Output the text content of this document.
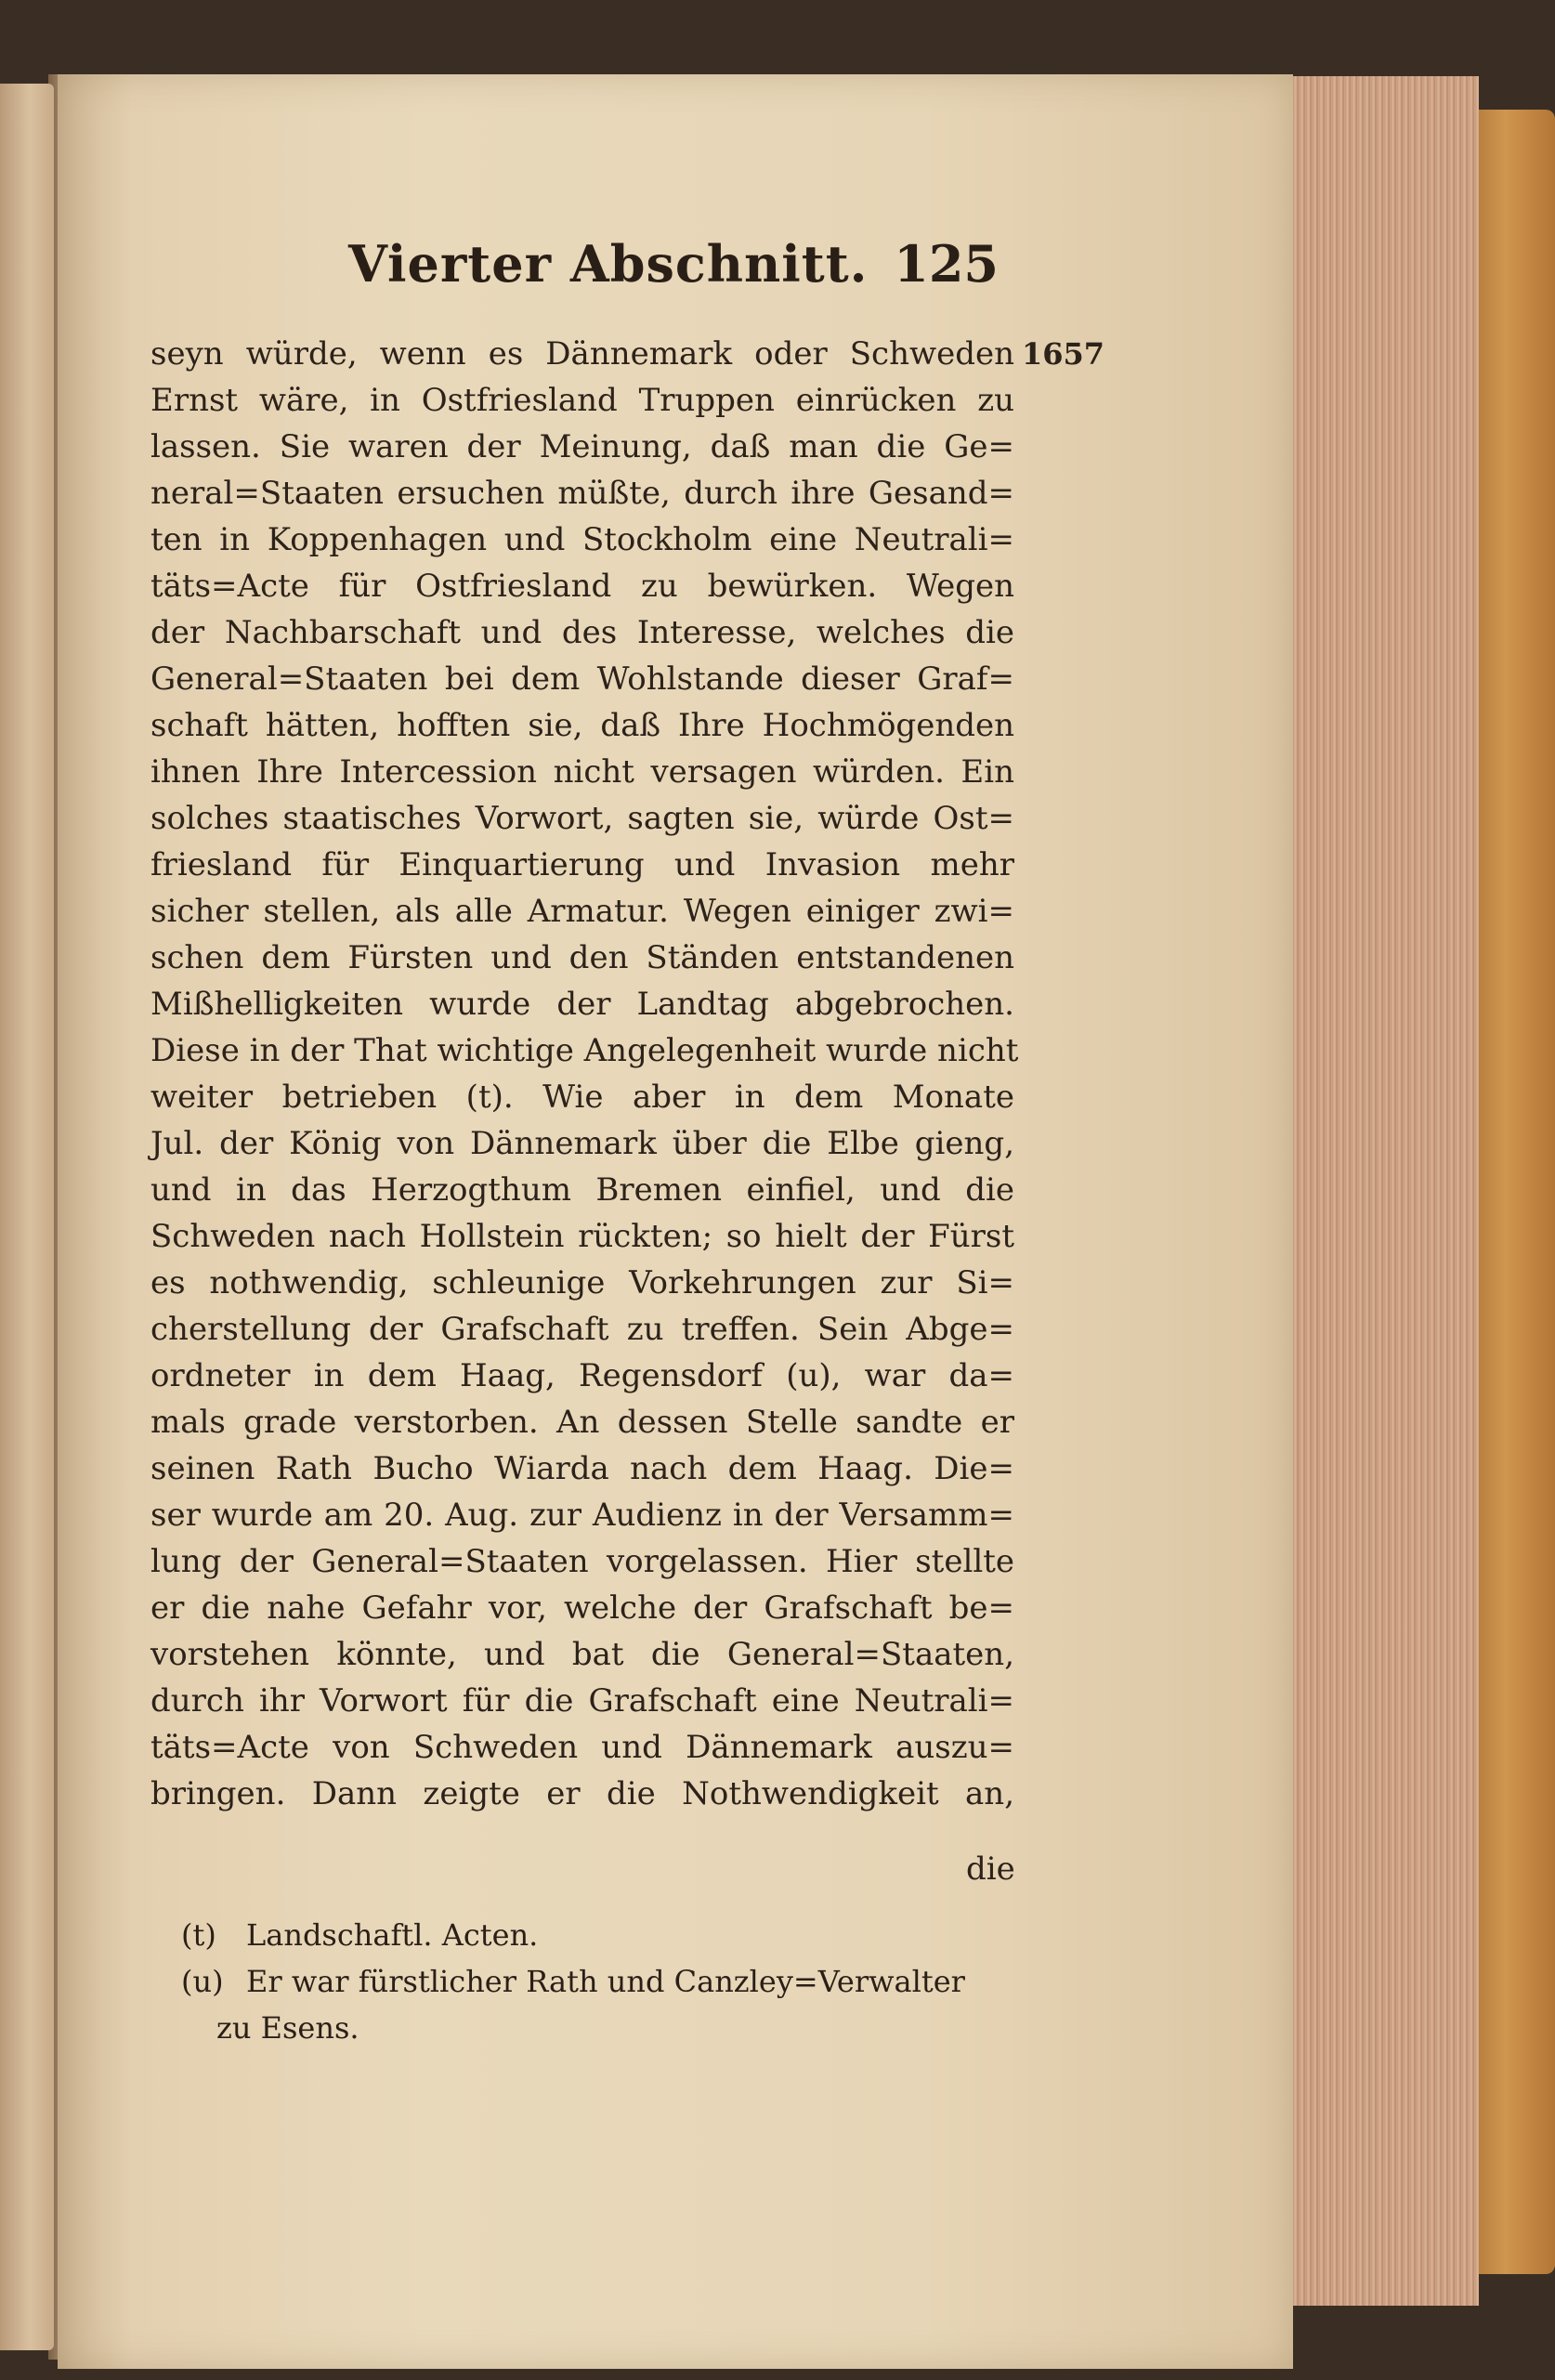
Vierter Abschnitt. 125
1657
seyn würde, wenn es Dännemark oder Schweden
Ernst wäre, in Ostfriesland Truppen einrücken zu
lassen. Sie waren der Meinung, daß man die Ge=
neral=Staaten ersuchen müßte, durch ihre Gesand=
ten in Koppenhagen und Stockholm eine Neutrali=
täts=Acte für Ostfriesland zu bewürken. Wegen
der Nachbarschaft und des Interesse, welches die
General=Staaten bei dem Wohlstande dieser Graf=
schaft hätten, hofften sie, daß Ihre Hochmögenden
ihnen Ihre Intercession nicht versagen würden. Ein
solches staatisches Vorwort, sagten sie, würde Ost=
friesland für Einquartierung und Invasion mehr
sicher stellen, als alle Armatur. Wegen einiger zwi=
schen dem Fürsten und den Ständen entstandenen
Mißhelligkeiten wurde der Landtag abgebrochen.
Diese in der That wichtige Angelegenheit wurde nicht
weiter betrieben (t). Wie aber in dem Monate
Jul. der König von Dännemark über die Elbe gieng,
und in das Herzogthum Bremen einfiel, und die
Schweden nach Hollstein rückten; so hielt der Fürst
es nothwendig, schleunige Vorkehrungen zur Si=
cherstellung der Grafschaft zu treffen. Sein Abge=
ordneter in dem Haag, Regensdorf (u), war da=
mals grade verstorben. An dessen Stelle sandte er
seinen Rath Bucho Wiarda nach dem Haag. Die=
ser wurde am 20. Aug. zur Audienz in der Versamm=
lung der General=Staaten vorgelassen. Hier stellte
er die nahe Gefahr vor, welche der Grafschaft be=
vorstehen könnte, und bat die General=Staaten,
durch ihr Vorwort für die Grafschaft eine Neutrali=
täts=Acte von Schweden und Dännemark auszu=
bringen. Dann zeigte er die Nothwendigkeit an,
die
(t) Landschaftl. Acten.
(u) Er war fürstlicher Rath und Canzley=Verwalter
zu Esens.
